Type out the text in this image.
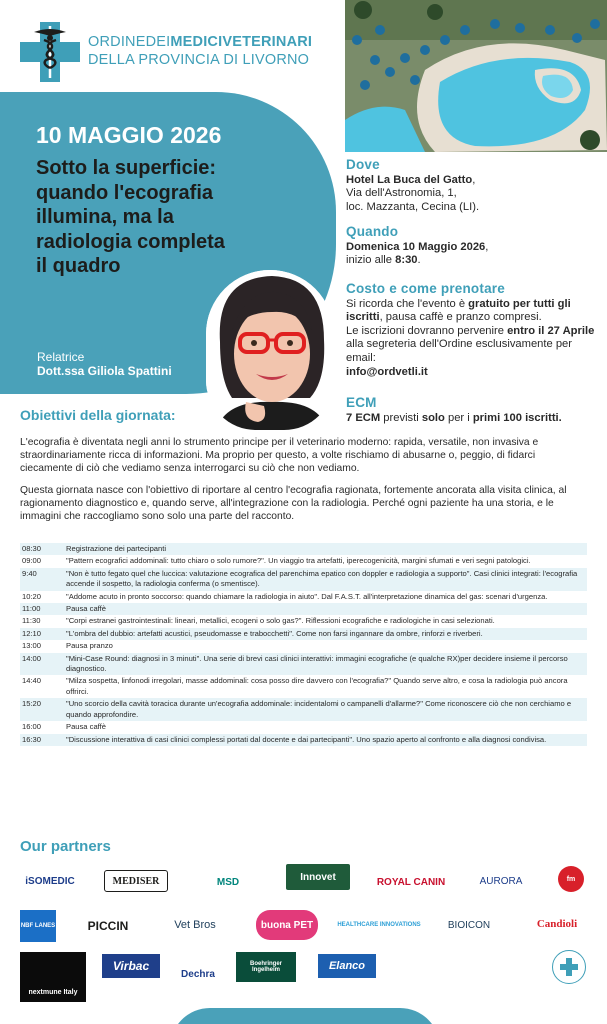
ORDINEDEIMEDICIVETERINARI
DELLA PROVINCIA DI LIVORNO
10 MAGGIO 2026
Sotto la superficie: quando l'ecografia illumina, ma la radiologia completa il quadro
Relatrice
Dott.ssa Giliola Spattini
Dove
Hotel La Buca del Gatto,
Via dell'Astronomia, 1,
loc. Mazzanta, Cecina (LI).
Quando
Domenica 10 Maggio 2026,
inizio alle 8:30.
Costo e come prenotare
Si ricorda che l'evento è gratuito per tutti gli iscritti, pausa caffè e pranzo compresi.
Le iscrizioni dovranno pervenire entro il 27 Aprile alla segreteria dell'Ordine esclusivamente per email:
info@ordvetli.it
ECM
7 ECM previsti solo per i primi 100 iscritti.
Obiettivi della giornata:
L'ecografia è diventata negli anni lo strumento principe per il veterinario moderno: rapida, versatile, non invasiva e straordinariamente ricca di informazioni. Ma proprio per questo, a volte rischiamo di abusarne o, peggio, di fidarci ciecamente di ciò che vediamo senza interrogarci su ciò che non vediamo.
Questa giornata nasce con l'obiettivo di riportare al centro l'ecografia ragionata, fortemente ancorata alla visita clinica, al ragionamento diagnostico e, quando serve, all'integrazione con la radiologia. Perché ogni paziente ha una storia, e le immagini che raccogliamo sono solo una parte del racconto.
08:30	Registrazione dei partecipanti
09:00	"Pattern ecografici addominali: tutto chiaro o solo rumore?". Un viaggio tra artefatti, iperecogenicità, margini sfumati e veri segni patologici.
9:40	"Non è tutto fegato quel che luccica: valutazione ecografica del parenchima epatico con doppler e radiologia a supporto". Casi clinici integrati: l'ecografia accende il sospetto, la radiologia conferma (o smentisce).
10:20	"Addome acuto in pronto soccorso: quando chiamare la radiologia in aiuto". Dal F.A.S.T. all'interpretazione dinamica del gas: scenari d'urgenza.
11:00	Pausa caffè
11:30	"Corpi estranei gastrointestinali: lineari, metallici, ecogeni o solo gas?". Riflessioni ecografiche e radiologiche in casi selezionati.
12:10	"L'ombra del dubbio: artefatti acustici, pseudomasse e trabocchetti". Come non farsi ingannare da ombre, rinforzi e riverberi.
13:00	Pausa pranzo
14:00	"Mini-Case Round: diagnosi in 3 minuti". Una serie di brevi casi clinici interattivi: immagini ecografiche (e qualche RX)per decidere insieme il percorso diagnostico.
14:40	"Milza sospetta, linfonodi irregolari, masse addominali: cosa posso dire davvero con l'ecografia?" Quando serve altro, e cosa la radiologia può ancora offrirci.
15:20	"Uno scorcio della cavità toracica durante un'ecografia addominale: incidentalomi o campanelli d'allarme?" Come riconoscere ciò che non cerchiamo e quando approfondire.
16:00	Pausa caffè
16:30	"Discussione interattiva di casi clinici complessi portati dal docente e dai partecipanti". Uno spazio aperto al confronto e alla diagnosi condivisa.
Our partners
iSOMEDIC	MEDISER	MSD	Innovet	ROYAL CANIN	AURORA	fm
NBF LANES	PICCIN	Vet Bros	buona PET	HEALTHCARE INNOVATIONS	BIOICON	Candioli
nextmune Italy
Virbac
Dechra
Boehringer Ingelheim	Elanco
